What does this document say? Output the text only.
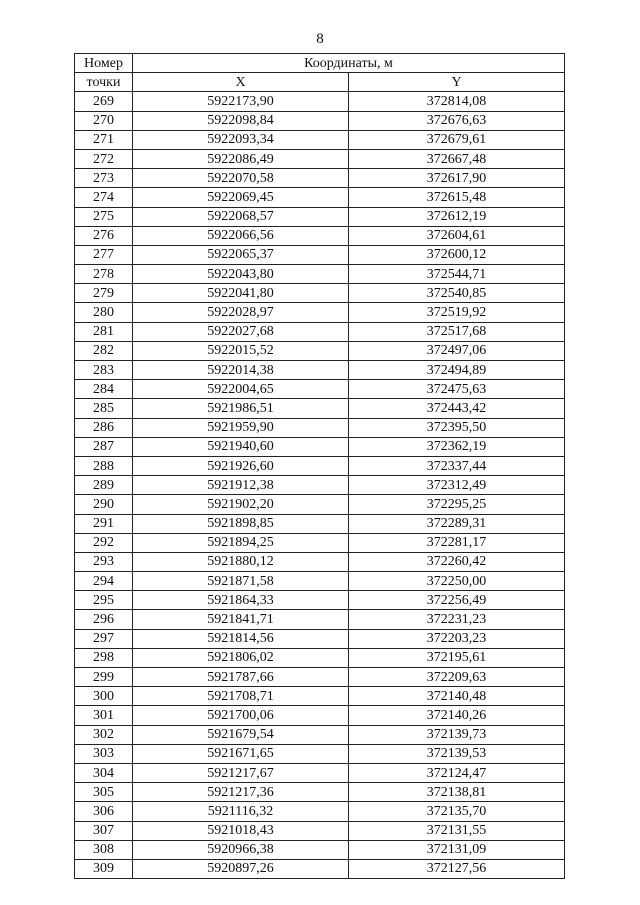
8
Номер	Координаты, м	
точки	X	Y
269	5922173,90	372814,08
270	5922098,84	372676,63
271	5922093,34	372679,61
272	5922086,49	372667,48
273	5922070,58	372617,90
274	5922069,45	372615,48
275	5922068,57	372612,19
276	5922066,56	372604,61
277	5922065,37	372600,12
278	5922043,80	372544,71
279	5922041,80	372540,85
280	5922028,97	372519,92
281	5922027,68	372517,68
282	5922015,52	372497,06
283	5922014,38	372494,89
284	5922004,65	372475,63
285	5921986,51	372443,42
286	5921959,90	372395,50
287	5921940,60	372362,19
288	5921926,60	372337,44
289	5921912,38	372312,49
290	5921902,20	372295,25
291	5921898,85	372289,31
292	5921894,25	372281,17
293	5921880,12	372260,42
294	5921871,58	372250,00
295	5921864,33	372256,49
296	5921841,71	372231,23
297	5921814,56	372203,23
298	5921806,02	372195,61
299	5921787,66	372209,63
300	5921708,71	372140,48
301	5921700,06	372140,26
302	5921679,54	372139,73
303	5921671,65	372139,53
304	5921217,67	372124,47
305	5921217,36	372138,81
306	5921116,32	372135,70
307	5921018,43	372131,55
308	5920966,38	372131,09
309	5920897,26	372127,56
